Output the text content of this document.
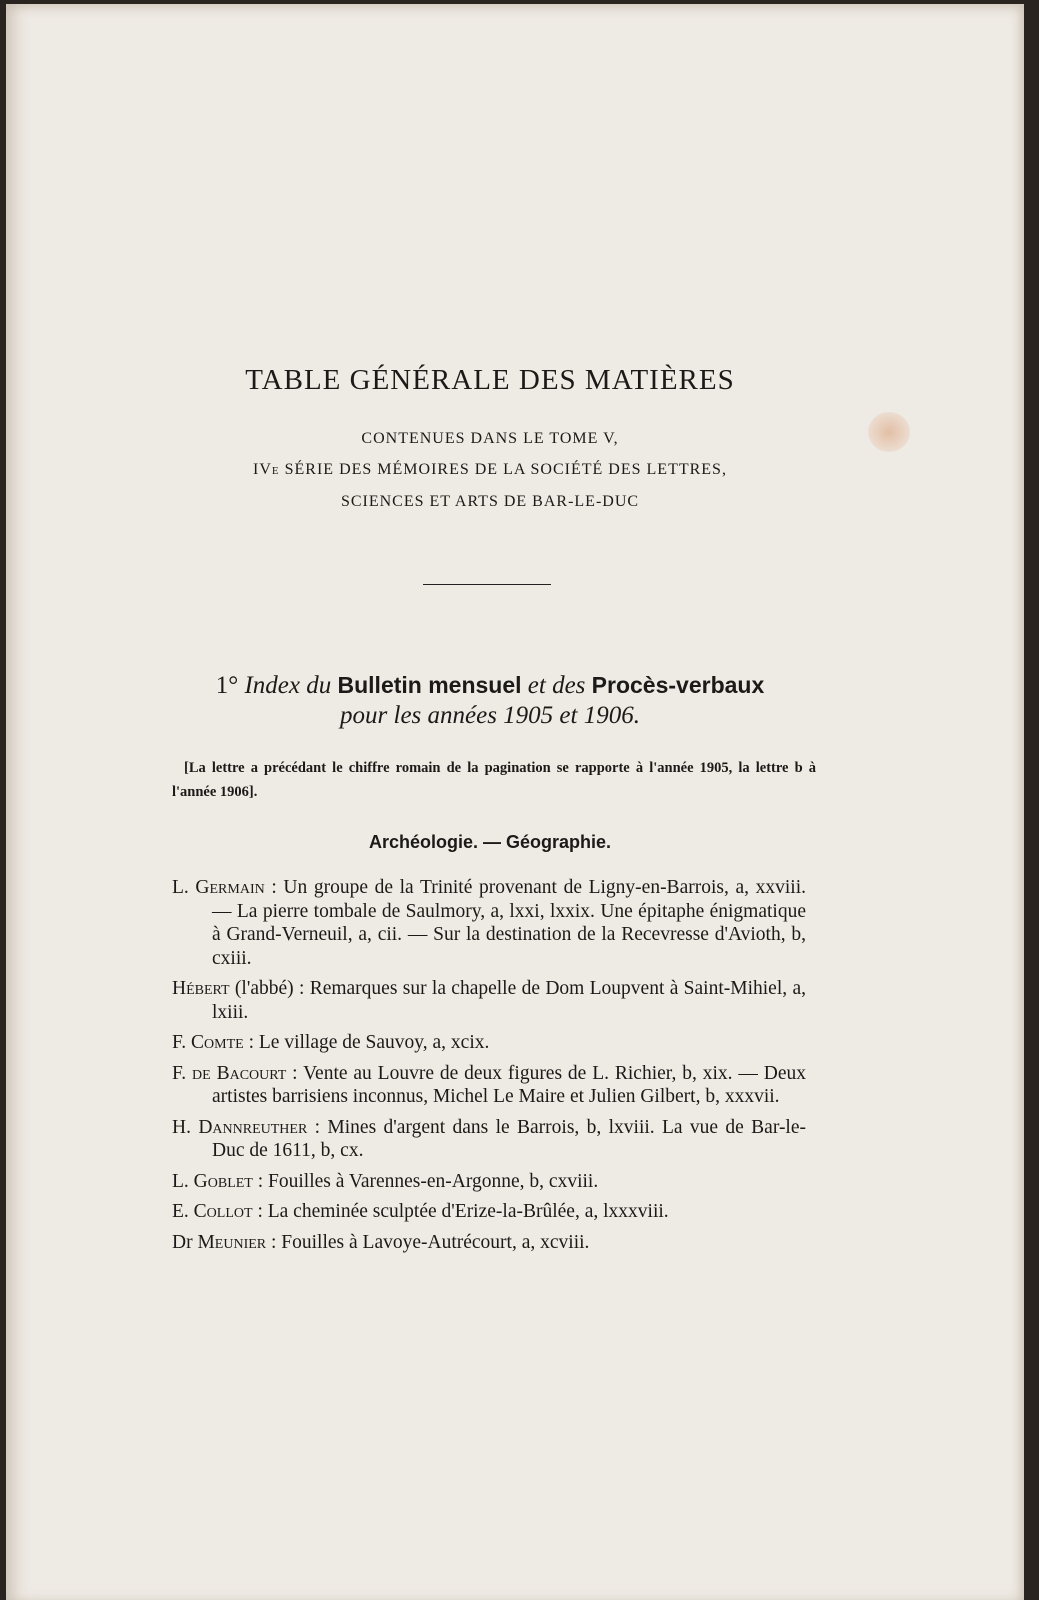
TABLE GÉNÉRALE DES MATIÈRES
CONTENUES DANS LE TOME V,
IVe SÉRIE DES MÉMOIRES DE LA SOCIÉTÉ DES LETTRES,
SCIENCES ET ARTS DE BAR-LE-DUC
1° Index du Bulletin mensuel et des Procès-verbaux
pour les années 1905 et 1906.
[La lettre a précédant le chiffre romain de la pagination se rapporte à l'année 1905, la lettre b à l'année 1906].
Archéologie. — Géographie.
L. Germain : Un groupe de la Trinité provenant de Ligny-en-Barrois, a, xxviii. — La pierre tombale de Saulmory, a, lxxi, lxxix. Une épitaphe énigmatique à Grand-Verneuil, a, cii. — Sur la destination de la Recevresse d'Avioth, b, cxiii.
Hébert (l'abbé) : Remarques sur la chapelle de Dom Loupvent à Saint-Mihiel, a, lxiii.
F. Comte : Le village de Sauvoy, a, xcix.
F. de Bacourt : Vente au Louvre de deux figures de L. Richier, b, xix. — Deux artistes barrisiens inconnus, Michel Le Maire et Julien Gilbert, b, xxxvii.
H. Dannreuther : Mines d'argent dans le Barrois, b, lxviii. La vue de Bar-le-Duc de 1611, b, cx.
L. Goblet : Fouilles à Varennes-en-Argonne, b, cxviii.
E. Collot : La cheminée sculptée d'Erize-la-Brûlée, a, lxxxviii.
Dr Meunier : Fouilles à Lavoye-Autrécourt, a, xcviii.
